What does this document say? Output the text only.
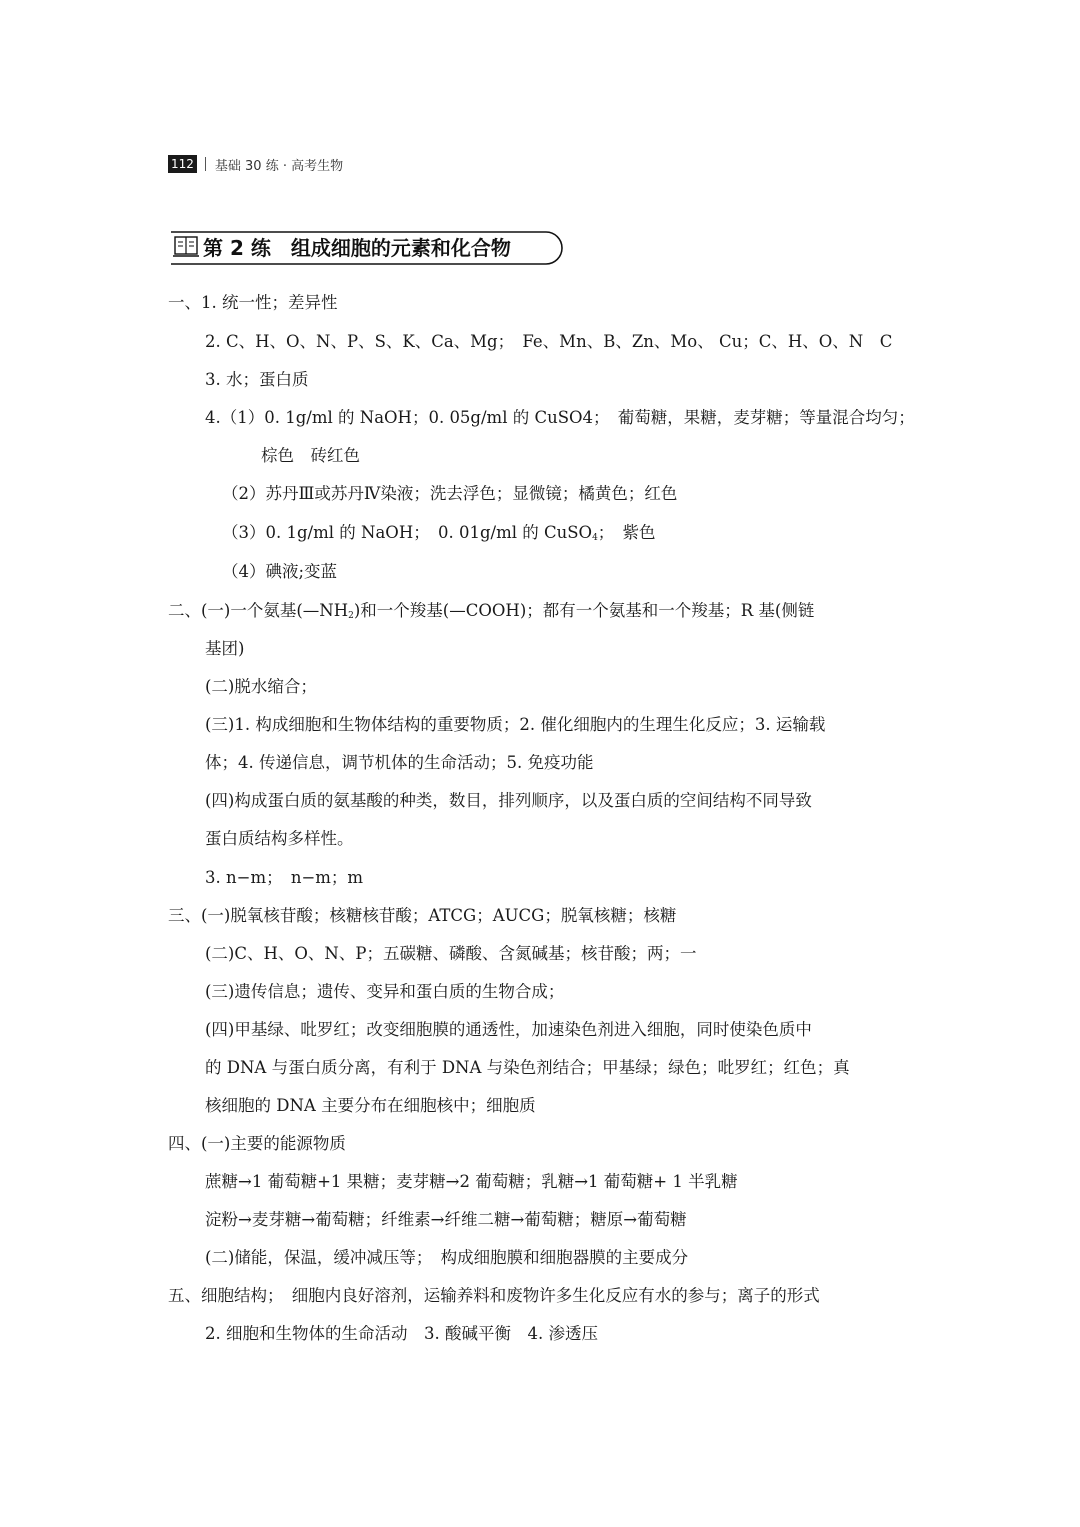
112 基础 30 练 · 高考生物
第 2 练　组成细胞的元素和化合物
一、1. 统一性；差异性
2. C、H、O、N、P、S、K、Ca、Mg；　Fe、Mn、B、Zn、Mo、 Cu；C、H、O、N　C
3. 水；蛋白质
4.（1）0. 1g/ml 的 NaOH；0. 05g/ml 的 CuSO4；　葡萄糖，果糖，麦芽糖；等量混合均匀；
棕色　砖红色
（2）苏丹Ⅲ或苏丹Ⅳ染液；洗去浮色；显微镜；橘黄色；红色
（3）0. 1g/ml 的 NaOH；　0. 01g/ml 的 CuSO$_4$；　紫色
（4）碘液;变蓝
二、(一)一个氨基$(—NH_2)$和一个羧基(—COOH)；都有一个氨基和一个羧基；R 基(侧链
基团)
(二)脱水缩合；
(三)1. 构成细胞和生物体结构的重要物质；2. 催化细胞内的生理生化反应；3. 运输载
体；4. 传递信息，调节机体的生命活动；5. 免疫功能
(四)构成蛋白质的氨基酸的种类，数目，排列顺序，以及蛋白质的空间结构不同导致
蛋白质结构多样性。
3. n−m；　n−m；m
三、(一)脱氧核苷酸；核糖核苷酸；ATCG；AUCG；脱氧核糖；核糖
(二)C、H、O、N、P；五碳糖、磷酸、含氮碱基；核苷酸；两；一
(三)遗传信息；遗传、变异和蛋白质的生物合成；
(四)甲基绿、吡罗红；改变细胞膜的通透性，加速染色剂进入细胞，同时使染色质中
的 DNA 与蛋白质分离，有利于 DNA 与染色剂结合；甲基绿；绿色；吡罗红；红色；真
核细胞的 DNA 主要分布在细胞核中；细胞质
四、(一)主要的能源物质
蔗糖→1 葡萄糖+1 果糖；麦芽糖→2 葡萄糖；乳糖→1 葡萄糖+ 1 半乳糖
淀粉→麦芽糖→葡萄糖；纤维素→纤维二糖→葡萄糖；糖原→葡萄糖
(二)储能，保温，缓冲减压等；　构成细胞膜和细胞器膜的主要成分
五、细胞结构；　细胞内良好溶剂，运输养料和废物许多生化反应有水的参与；离子的形式
2. 细胞和生物体的生命活动　3. 酸碱平衡　4. 渗透压
